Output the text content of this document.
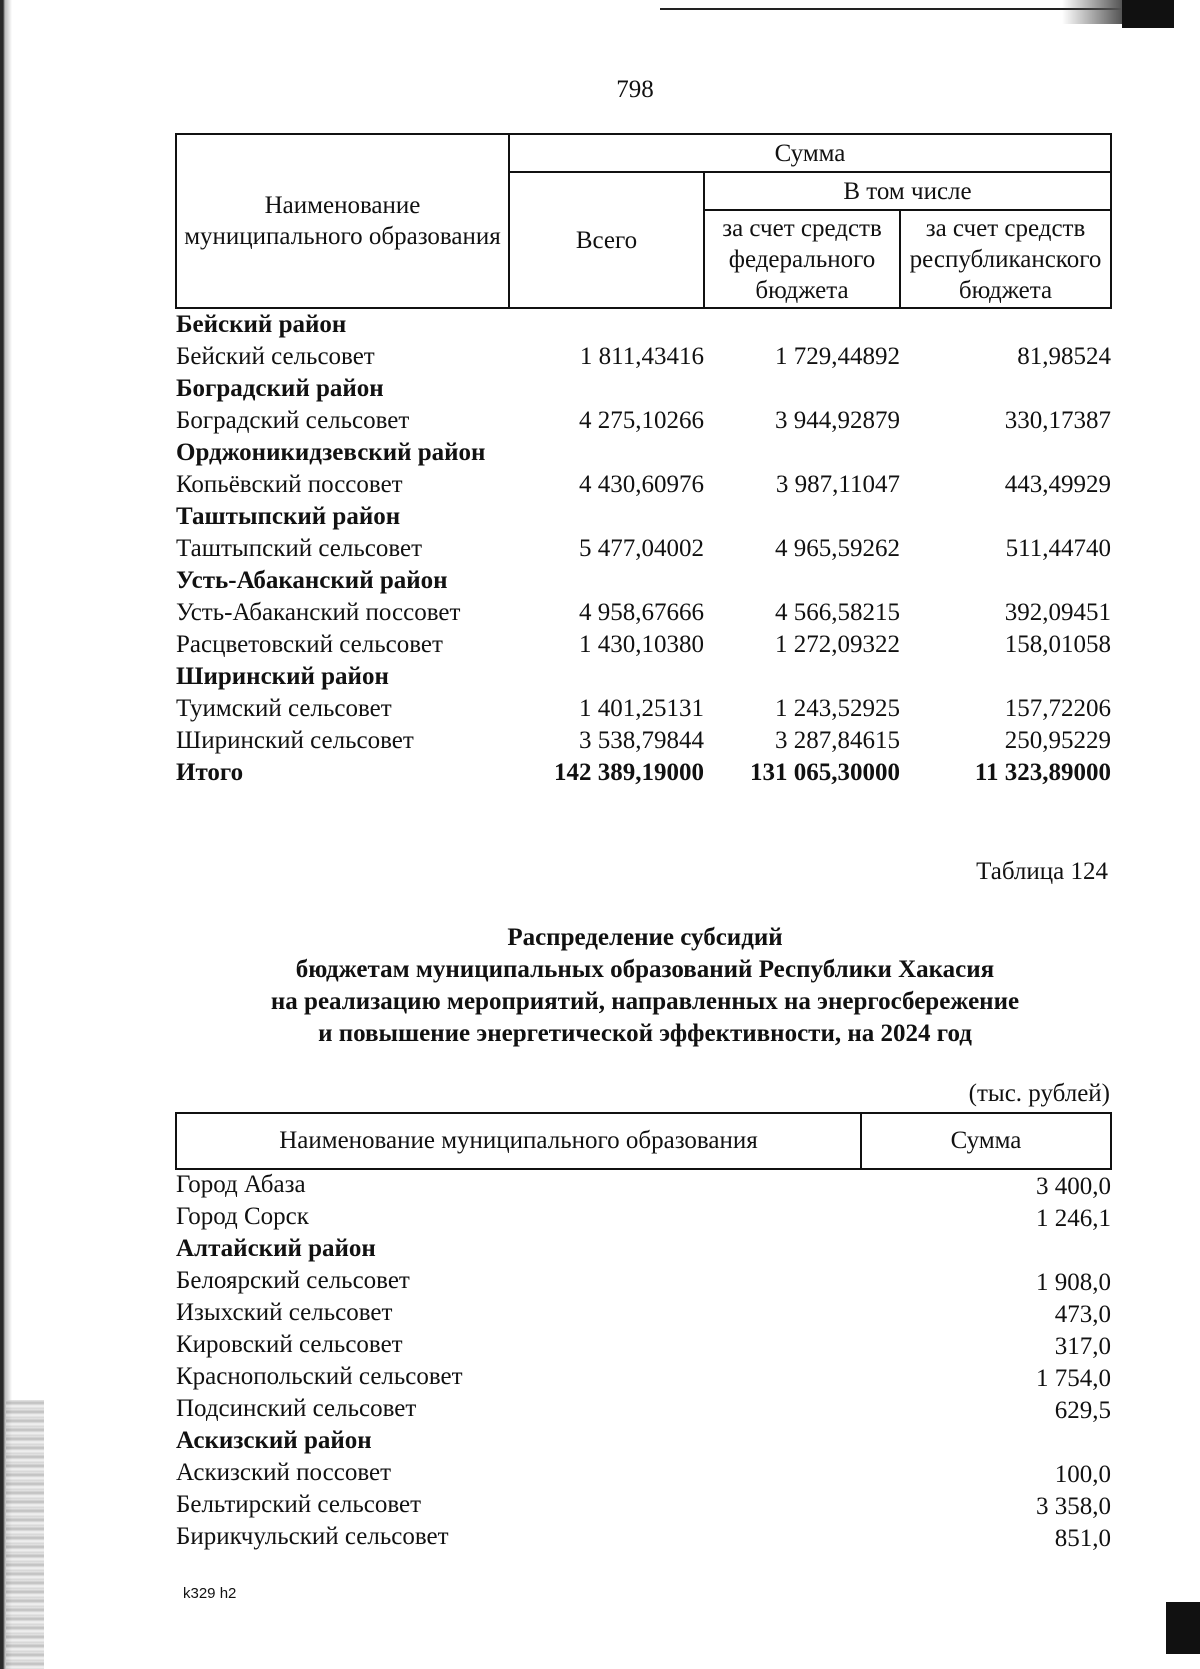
798
Наименование муниципального образования	Сумма		
	Всего	В том числе	
		за счет средств федерального бюджета	за счет средств республиканского бюджета
Бейский район			
Бейский сельсовет	1 811,43416	1 729,44892	81,98524
Боградский район			
Боградский сельсовет	4 275,10266	3 944,92879	330,17387
Орджоникидзевский район			
Копьёвский поссовет	4 430,60976	3 987,11047	443,49929
Таштыпский район			
Таштыпский сельсовет	5 477,04002	4 965,59262	511,44740
Усть-Абаканский район			
Усть-Абаканский поссовет	4 958,67666	4 566,58215	392,09451
Расцветовский сельсовет	1 430,10380	1 272,09322	158,01058
Ширинский район			
Туимский сельсовет	1 401,25131	1 243,52925	157,72206
Ширинский сельсовет	3 538,79844	3 287,84615	250,95229
Итого	142 389,19000	131 065,30000	11 323,89000
Таблица 124
Распределение субсидий
бюджетам муниципальных образований Республики Хакасия
на реализацию мероприятий, направленных на энергосбережение
и повышение энергетической эффективности, на 2024 год
(тыс. рублей)
Наименование муниципального образования	Сумма
Город Абаза	3 400,0
Город Сорск	1 246,1
Алтайский район	
Белоярский сельсовет	1 908,0
Изыхский сельсовет	473,0
Кировский сельсовет	317,0
Краснопольский сельсовет	1 754,0
Подсинский сельсовет	629,5
Аскизский район	
Аскизский поссовет	100,0
Бельтирский сельсовет	3 358,0
Бирикчульский сельсовет	851,0
k329 h2
